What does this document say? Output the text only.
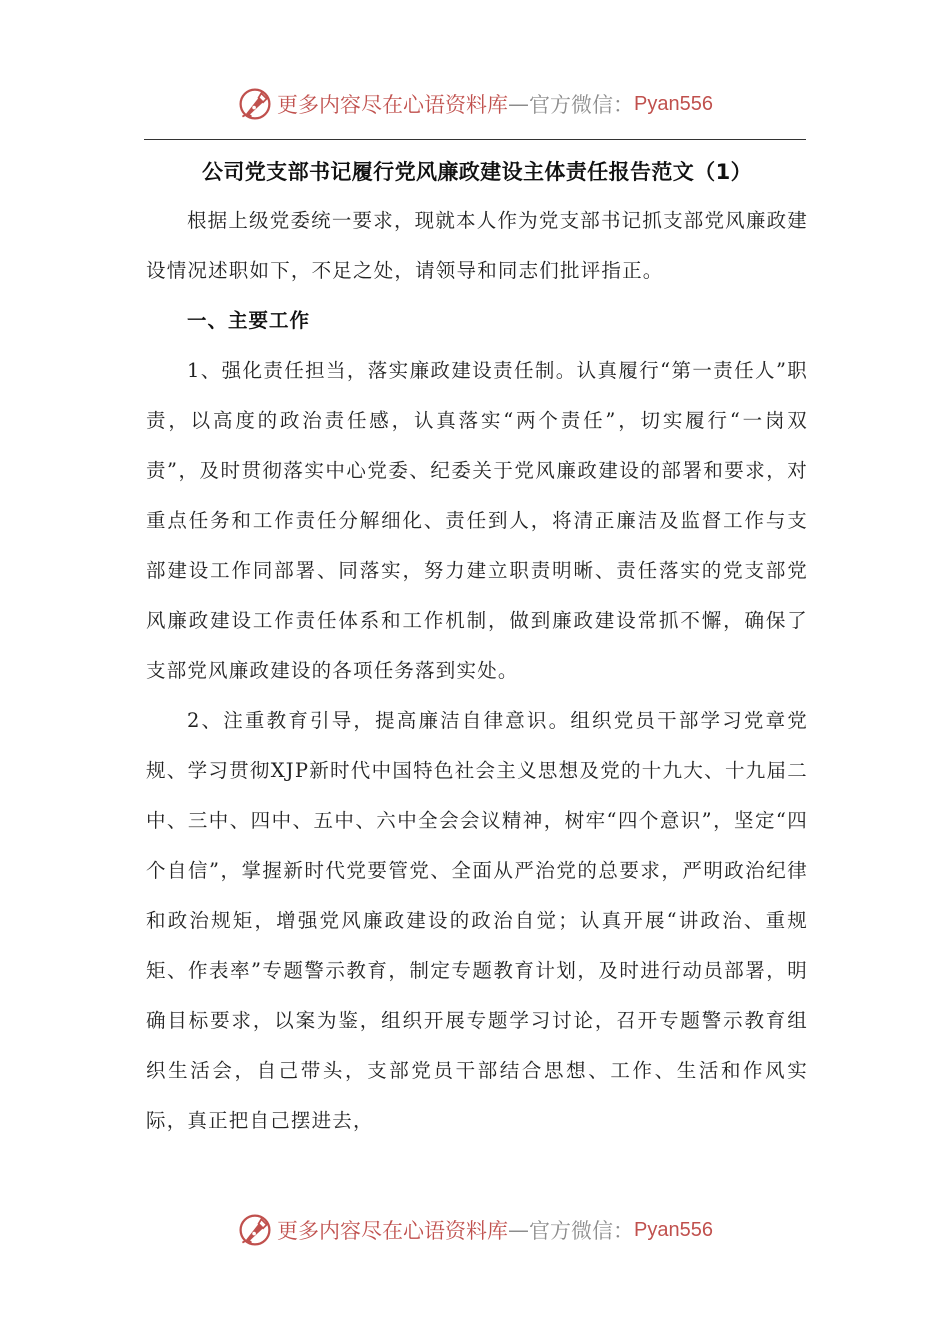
更多内容尽在心语资料库 — 官方微信： Pyan556
公司党支部书记履行党风廉政建设主体责任报告范文（1）

根据上级党委统一要求，现就本人作为党支部书记抓支部党风廉政建设情况述职如下，不足之处，请领导和同志们批评指正。

一、主要工作

1、强化责任担当，落实廉政建设责任制。认真履行“第一责任人”职责，以高度的政治责任感，认真落实“两个责任”，切实履行“一岗双责”，及时贯彻落实中心党委、纪委关于党风廉政建设的部署和要求，对重点任务和工作责任分解细化、责任到人，将清正廉洁及监督工作与支部建设工作同部署、同落实，努力建立职责明晰、责任落实的党支部党风廉政建设工作责任体系和工作机制，做到廉政建设常抓不懈，确保了支部党风廉政建设的各项任务落到实处。

2、注重教育引导，提高廉洁自律意识。组织党员干部学习党章党规、学习贯彻XJP新时代中国特色社会主义思想及党的十九大、十九届二中、三中、四中、五中、六中全会会议精神，树牢“四个意识”，坚定“四个自信”，掌握新时代党要管党、全面从严治党的总要求，严明政治纪律和政治规矩，增强党风廉政建设的政治自觉；认真开展“讲政治、重规矩、作表率”专题警示教育，制定专题教育计划，及时进行动员部署，明确目标要求，以案为鉴，组织开展专题学习讨论，召开专题警示教育组织生活会，自己带头，支部党员干部结合思想、工作、生活和作风实际，真正把自己摆进去，

更多内容尽在心语资料库 — 官方微信： Pyan556
